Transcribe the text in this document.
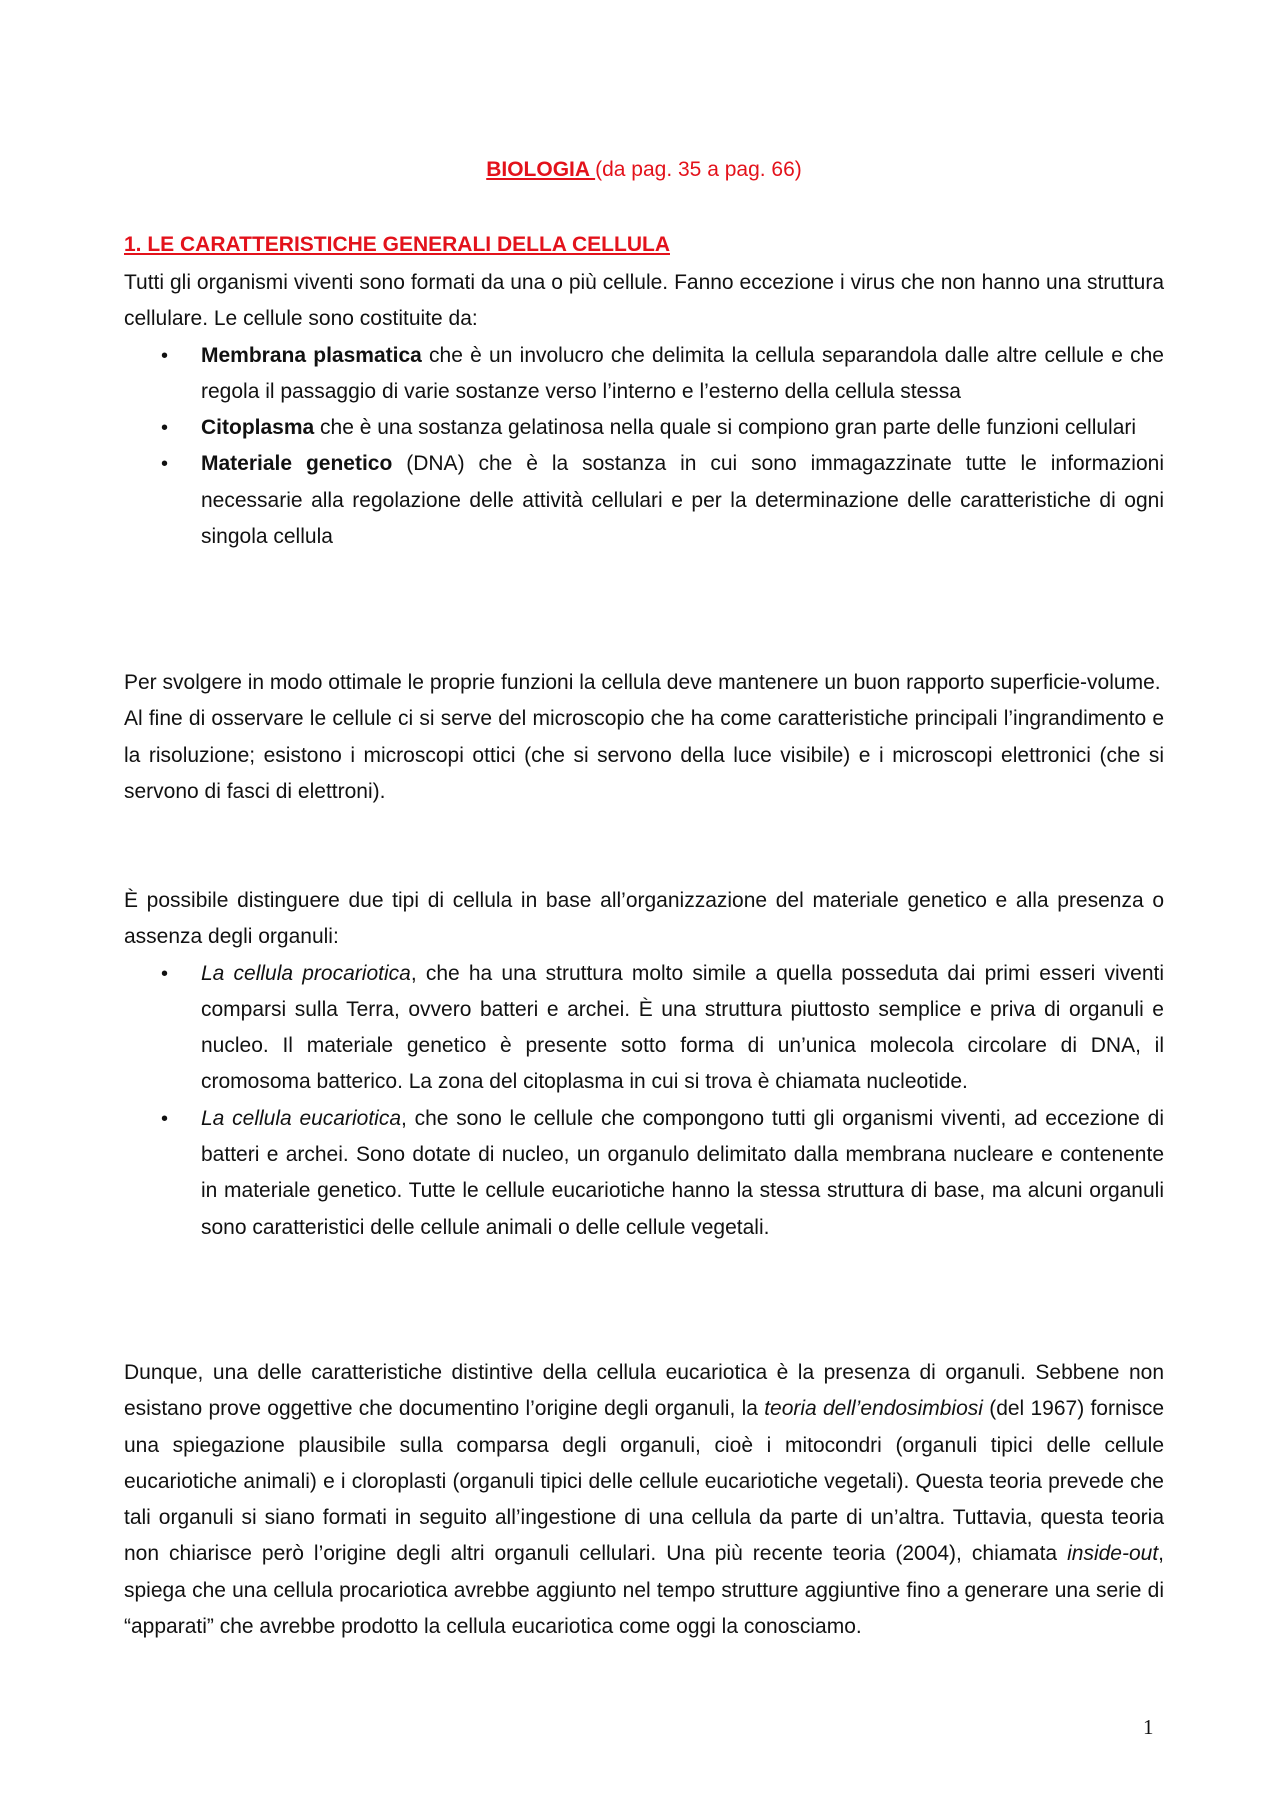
BIOLOGIA (da pag. 35 a pag. 66)
1. LE CARATTERISTICHE GENERALI DELLA CELLULA

Tutti gli organismi viventi sono formati da una o più cellule. Fanno eccezione i virus che non hanno una struttura cellulare. Le cellule sono costituite da:

• Membrana plasmatica che è un involucro che delimita la cellula separandola dalle altre cellule e che regola il passaggio di varie sostanze verso l’interno e l’esterno della cellula stessa
• Citoplasma che è una sostanza gelatinosa nella quale si compiono gran parte delle funzioni cellulari
• Materiale genetico (DNA) che è la sostanza in cui sono immagazzinate tutte le informazioni necessarie alla regolazione delle attività cellulari e per la determinazione delle caratteristiche di ogni singola cellula

Per svolgere in modo ottimale le proprie funzioni la cellula deve mantenere un buon rapporto superficie-volume.

Al fine di osservare le cellule ci si serve del microscopio che ha come caratteristiche principali l’ingrandimento e la risoluzione; esistono i microscopi ottici (che si servono della luce visibile) e i microscopi elettronici (che si servono di fasci di elettroni).

È possibile distinguere due tipi di cellula in base all’organizzazione del materiale genetico e alla presenza o assenza degli organuli:

• La cellula procariotica, che ha una struttura molto simile a quella posseduta dai primi esseri viventi comparsi sulla Terra, ovvero batteri e archei. È una struttura piuttosto semplice e priva di organuli e nucleo. Il materiale genetico è presente sotto forma di un’unica molecola circolare di DNA, il cromosoma batterico. La zona del citoplasma in cui si trova è chiamata nucleotide.
• La cellula eucariotica, che sono le cellule che compongono tutti gli organismi viventi, ad eccezione di batteri e archei. Sono dotate di nucleo, un organulo delimitato dalla membrana nucleare e contenente in materiale genetico. Tutte le cellule eucariotiche hanno la stessa struttura di base, ma alcuni organuli sono caratteristici delle cellule animali o delle cellule vegetali.

Dunque, una delle caratteristiche distintive della cellula eucariotica è la presenza di organuli. Sebbene non esistano prove oggettive che documentino l’origine degli organuli, la teoria dell’endosimbiosi (del 1967) fornisce una spiegazione plausibile sulla comparsa degli organuli, cioè i mitocondri (organuli tipici delle cellule eucariotiche animali) e i cloroplasti (organuli tipici delle cellule eucariotiche vegetali). Questa teoria prevede che tali organuli si siano formati in seguito all’ingestione di una cellula da parte di un’altra. Tuttavia, questa teoria non chiarisce però l’origine degli altri organuli cellulari. Una più recente teoria (2004), chiamata inside-out, spiega che una cellula procariotica avrebbe aggiunto nel tempo strutture aggiuntive fino a generare una serie di “apparati” che avrebbe prodotto la cellula eucariotica come oggi la conosciamo.

1
